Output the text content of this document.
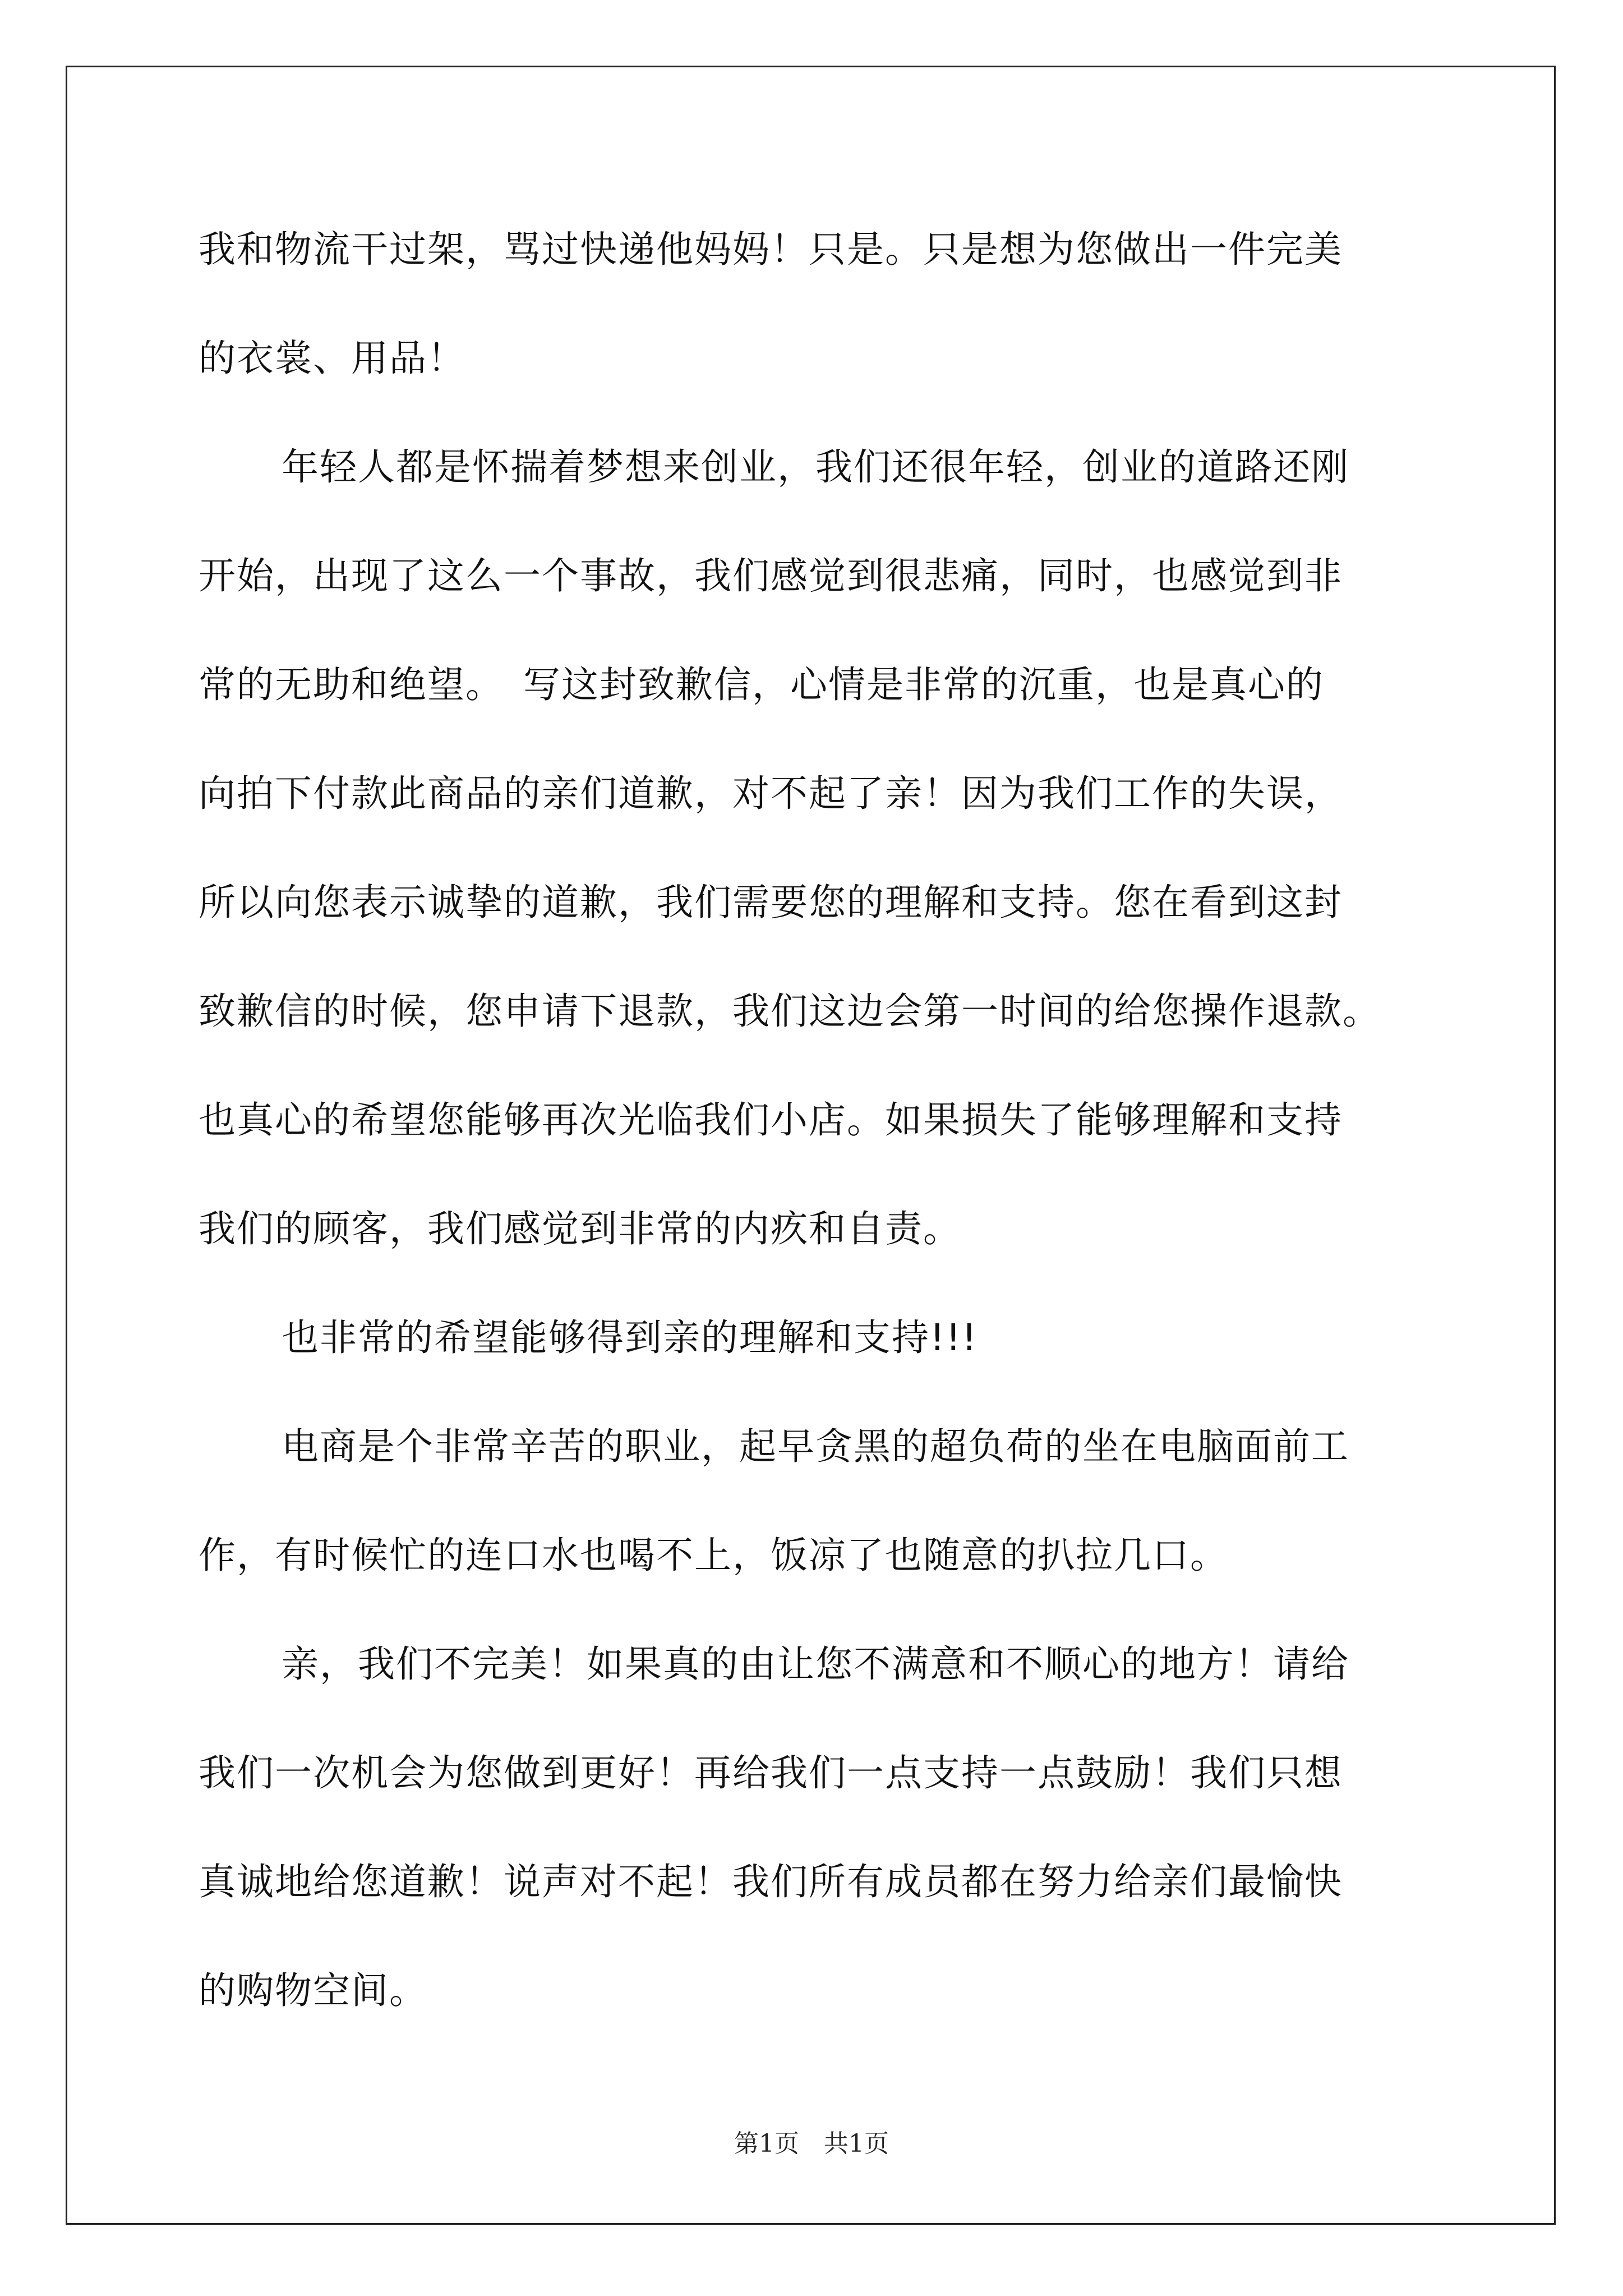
我和物流干过架，骂过快递他妈妈！只是。只是想为您做出一件完美
的衣裳、用品！
年轻人都是怀揣着梦想来创业，我们还很年轻，创业的道路还刚
开始，出现了这么一个事故，我们感觉到很悲痛，同时，也感觉到非
常的无助和绝望。　写这封致歉信，心情是非常的沉重，也是真心的
向拍下付款此商品的亲们道歉，对不起了亲！因为我们工作的失误，
所以向您表示诚挚的道歉，我们需要您的理解和支持。您在看到这封
致歉信的时候，您申请下退款，我们这边会第一时间的给您操作退款。
也真心的希望您能够再次光临我们小店。如果损失了能够理解和支持
我们的顾客，我们感觉到非常的内疚和自责。
也非常的希望能够得到亲的理解和支持!!!
电商是个非常辛苦的职业，起早贪黑的超负荷的坐在电脑面前工
作，有时候忙的连口水也喝不上，饭凉了也随意的扒拉几口。
亲，我们不完美！如果真的由让您不满意和不顺心的地方！请给
我们一次机会为您做到更好！再给我们一点支持一点鼓励！我们只想
真诚地给您道歉！说声对不起！我们所有成员都在努力给亲们最愉快
的购物空间。
第1页　共1页
